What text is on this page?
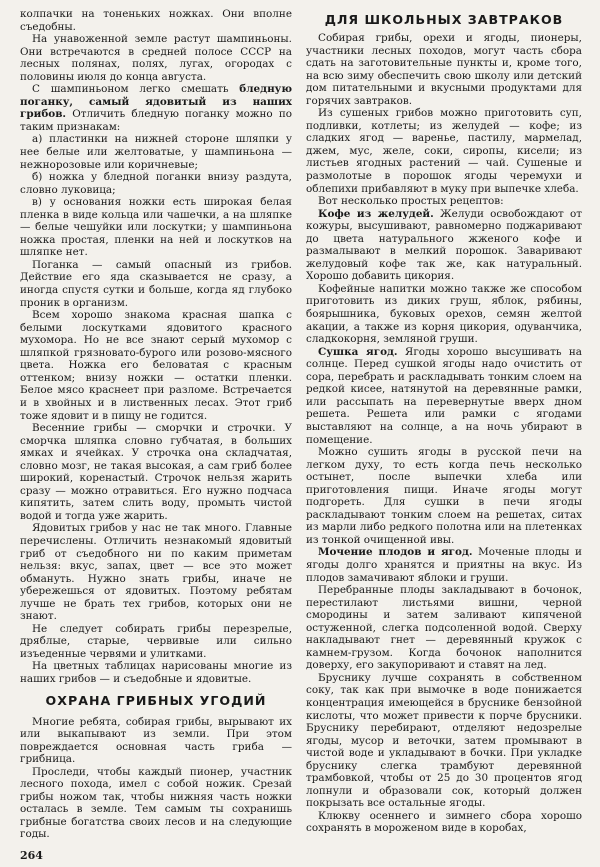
колпачки на тоненьких ножках. Они вполне съедобны.

На унавоженной земле растут шампиньоны. Они встречаются в средней полосе СССР на лесных полянах, полях, лугах, огородах с половины июля до конца августа.

С шампиньоном легко смешать бледную поганку, самый ядовитый из наших грибов. Отличить бледную поганку можно по таким признакам:

а) пластинки на нижней стороне шляпки у нее белые или желтоватые, у шампиньона — нежнорозовые или коричневые;

б) ножка у бледной поганки внизу раздута, словно луковица;

в) у основания ножки есть широкая белая пленка в виде кольца или чашечки, а на шляпке — белые чешуйки или лоскутки; у шампиньона ножка простая, пленки на ней и лоскутков на шляпке нет.

Поганка — самый опасный из грибов. Действие его яда сказывается не сразу, а иногда спустя сутки и больше, когда яд глубоко проник в организм.

Всем хорошо знакома красная шапка с белыми лоскутками ядовитого красного мухомора. Но не все знают серый мухомор с шляпкой грязновато-бурого или розово-мясного цвета. Ножка его беловатая с красным оттенком; внизу ножки — остатки пленки. Белое мясо краснеет при разломе. Встречается и в хвойных и в лиственных лесах. Этот гриб тоже ядовит и в пищу не годится.

Весенние грибы — сморчки и строчки. У сморчка шляпка словно губчатая, в больших ямках и ячейках. У строчка она складчатая, словно мозг, не такая высокая, а сам гриб более широкий, коренастый. Строчок нельзя жарить сразу — можно отравиться. Его нужно подчаса кипятить, затем слить воду, промыть чистой водой и тогда уже жарить.

Ядовитых грибов у нас не так много. Главные перечислены. Отличить незнакомый ядовитый гриб от съедобного ни по каким приметам нельзя: вкус, запах, цвет — все это может обмануть. Нужно знать грибы, иначе не убережешься от ядовитых. Поэтому ребятам лучше не брать тех грибов, которых они не знают.

Не следует собирать грибы перезрелые, дряблые, старые, червивые или сильно изъеденные червями и улитками.

На цветных таблицах нарисованы многие из наших грибов — и съедобные и ядовитые.

ОХРАНА ГРИБНЫХ УГОДИЙ

Многие ребята, собирая грибы, вырывают их или выкапывают из земли. При этом повреждается основная часть гриба — грибница.

Проследи, чтобы каждый пионер, участник лесного похода, имел с собой ножик. Срезай грибы ножом так, чтобы нижняя часть ножки осталась в земле. Тем самым ты сохранишь грибные богатства своих лесов и на следующие годы.

ДЛЯ ШКОЛЬНЫХ ЗАВТРАКОВ

Собирая грибы, орехи и ягоды, пионеры, участники лесных походов, могут часть сбора сдать на заготовительные пункты и, кроме того, на всю зиму обеспечить свою школу или детский дом питательными и вкусными продуктами для горячих завтраков.

Из сушеных грибов можно приготовить суп, подливки, котлеты; из желудей — кофе; из сладких ягод — варенье, пастилу, мармелад, джем, мус, желе, соки, сиропы, кисели; из листьев ягодных растений — чай. Сушеные и размолотые в порошок ягоды черемухи и облепихи прибавляют в муку при выпечке хлеба.

Вот несколько простых рецептов:

Кофе из желудей. Желуди освобождают от кожуры, высушивают, равномерно поджаривают до цвета натурального жженого кофе и размалывают в мелкий порошок. Заваривают желудовый кофе так же, как натуральный. Хорошо добавить цикория.

Кофейные напитки можно также же способом приготовить из диких груш, яблок, рябины, боярышника, буковых орехов, семян желтой акации, а также из корня цикория, одуванчика, сладкокорня, земляной груши.

Сушка ягод. Ягоды хорошо высушивать на солнце. Перед сушкой ягоды надо очистить от сора, перебрать и раскладывать тонким слоем на редкой кисее, натянутой на деревянные рамки, или рассыпать на перевернутые вверх дном решета. Решета или рамки с ягодами выставляют на солнце, а на ночь убирают в помещение.

Можно сушить ягоды в русской печи на легком духу, то есть когда печь несколько остынет, после выпечки хлеба или приготовления пищи. Иначе ягоды могут подгореть. Для сушки в печи ягоды раскладывают тонким слоем на решетах, ситах из марли либо редкого полотна или на плетенках из тонкой очищенной ивы.

Мочение плодов и ягод. Моченые плоды и ягоды долго хранятся и приятны на вкус. Из плодов замачивают яблоки и груши.

Перебранные плоды закладывают в бочонок, перестилают листьями вишни, черной смородины и затем заливают кипяченой остуженной, слегка подсоленной водой. Сверху накладывают гнет — деревянный кружок с камнем-грузом. Когда бочонок наполнится доверху, его закупоривают и ставят на лед.

Бруснику лучше сохранять в собственном соку, так как при вымочке в воде понижается концентрация имеющейся в бруснике бензойной кислоты, что может привести к порче брусники. Бруснику перебирают, отделяют недозрелые ягоды, мусор и веточки, затем промывают в чистой воде и укладывают в бочки. При укладке бруснику слегка трамбуют деревянной трамбовкой, чтобы от 25 до 30 процентов ягод лопнули и образовали сок, который должен покрызать все остальные ягоды.

Клюкву осеннего и зимнего сбора хорошо сохранять в мороженом виде в коробах,

264
